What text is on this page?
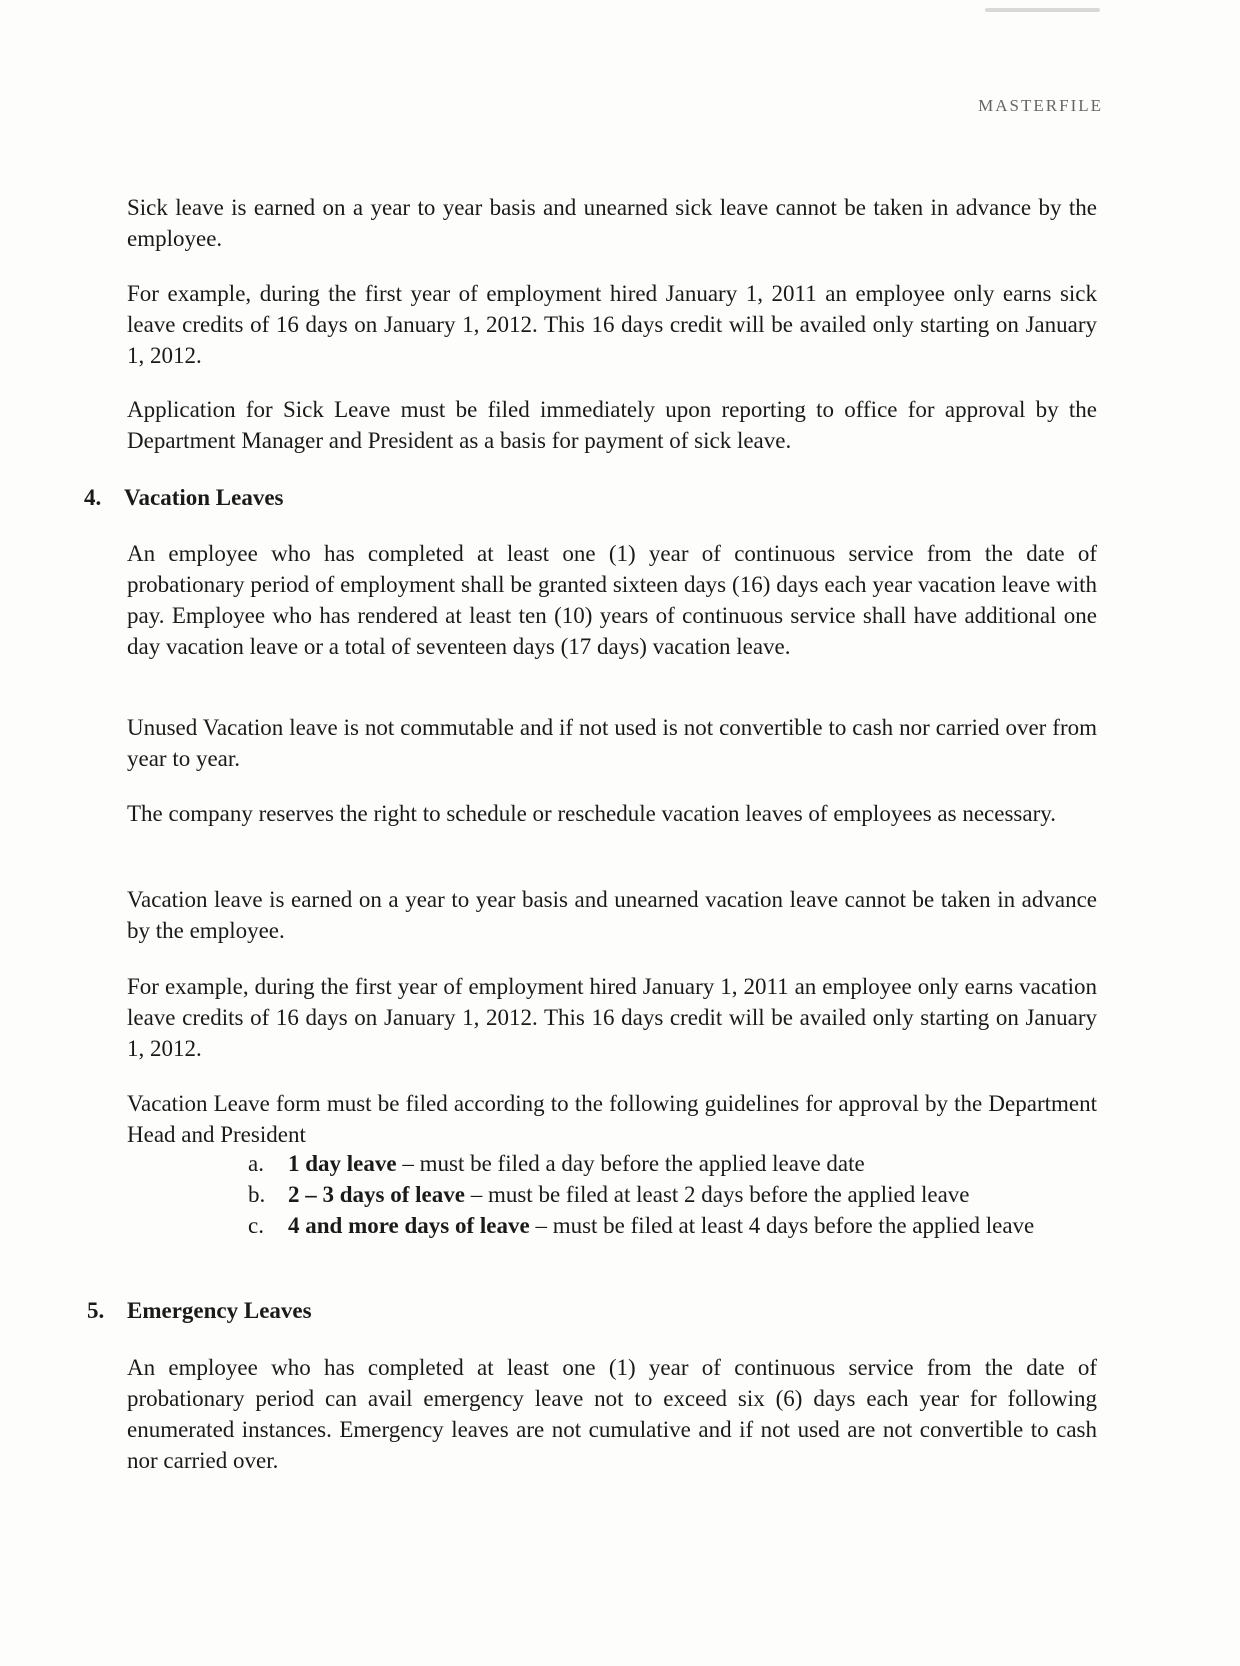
MASTERFILE

Sick leave is earned on a year to year basis and unearned sick leave cannot be taken in advance by the employee.

For example, during the first year of employment hired January 1, 2011 an employee only earns sick leave credits of 16 days on January 1, 2012. This 16 days credit will be availed only starting on January 1, 2012.

Application for Sick Leave must be filed immediately upon reporting to office for approval by the Department Manager and President as a basis for payment of sick leave.

4. Vacation Leaves

An employee who has completed at least one (1) year of continuous service from the date of probationary period of employment shall be granted sixteen days (16) days each year vacation leave with pay. Employee who has rendered at least ten (10) years of continuous service shall have additional one day vacation leave or a total of seventeen days (17 days) vacation leave.

Unused Vacation leave is not commutable and if not used is not convertible to cash nor carried over from year to year.

The company reserves the right to schedule or reschedule vacation leaves of employees as necessary.

Vacation leave is earned on a year to year basis and unearned vacation leave cannot be taken in advance by the employee.

For example, during the first year of employment hired January 1, 2011 an employee only earns vacation leave credits of 16 days on January 1, 2012. This 16 days credit will be availed only starting on January 1, 2012.

Vacation Leave form must be filed according to the following guidelines for approval by the Department Head and President

a. 1 day leave – must be filed a day before the applied leave date
b. 2 – 3 days of leave – must be filed at least 2 days before the applied leave
c. 4 and more days of leave – must be filed at least 4 days before the applied leave
5. Emergency Leaves

An employee who has completed at least one (1) year of continuous service from the date of probationary period can avail emergency leave not to exceed six (6) days each year for following enumerated instances. Emergency leaves are not cumulative and if not used are not convertible to cash nor carried over.
